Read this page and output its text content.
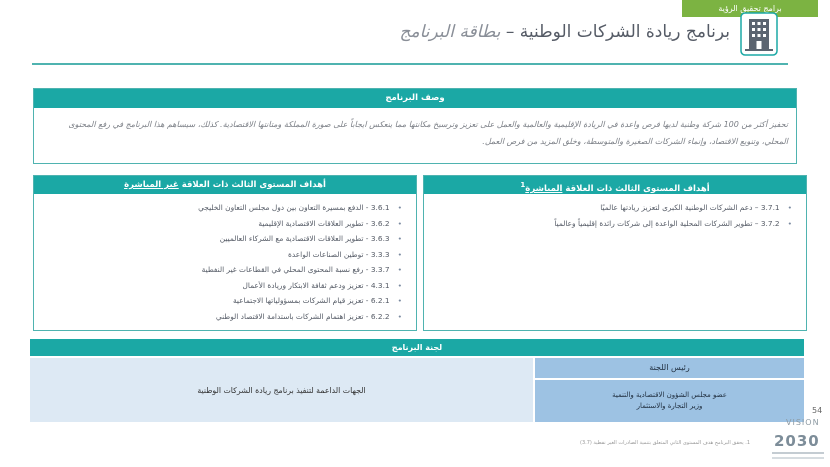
برامج تحقيق الرؤية
برنامج ريادة الشركات الوطنية – بطاقة البرنامج
وصف البرنامج
تحفيز أكثر من 100 شركة وطنية لديها فرص واعدة في الريادة الإقليمية والعالمية والعمل على تعزيز وترسيخ مكانتها مما ينعكس ايجاباً على صورة المملكة ومتانتها الاقتصادية. كذلك، سيساهم هذا البرنامج في رفع المحتوى المحلي، وتنويع الاقتصاد، وإنماء الشركات الصغيرة والمتوسطة، وخلق المزيد من فرص العمل.
أهداف المستوى الثالث ذات العلاقة المباشرة$^1$
• 3.7.1 – دعم الشركات الوطنية الكبرى لتعزيز ريادتها عالميًا
• 3.7.2 – تطوير الشركات المحلية الواعدة إلى شركات رائدة إقليمياً وعالمياً
أهداف المستوى الثالث ذات العلاقة غير المباشرة
• 3.6.1 - الدفع بمسيرة التعاون بين دول مجلس التعاون الخليجي
• 3.6.2 - تطوير العلاقات الاقتصادية الإقليمية
• 3.6.3 - تطوير العلاقات الاقتصادية مع الشركاء العالميين
• 3.3.3 - توطين الصناعات الواعدة
• 3.3.7 - رفع نسبة المحتوى المحلي في القطاعات غير النفطية
• 4.3.1 - تعزيز ودعم ثقافة الابتكار وريادة الأعمال
• 6.2.1 - تعزيز قيام الشركات بمسؤولياتها الاجتماعية
• 6.2.2 - تعزيز اهتمام الشركات باستدامة الاقتصاد الوطني
لجنة البرنامج
الجهات الداعمة لتنفيذ برنامج ريادة الشركات الوطنية
رئيس اللجنة
عضو مجلس الشؤون الاقتصادية والتنمية
وزير التجارة والاستثمار	54
1. يحقق البرنامج هدف المستوى الثاني المتعلق بتنمية الصادرات الغير نفطية (3.7)
VISION
2030
